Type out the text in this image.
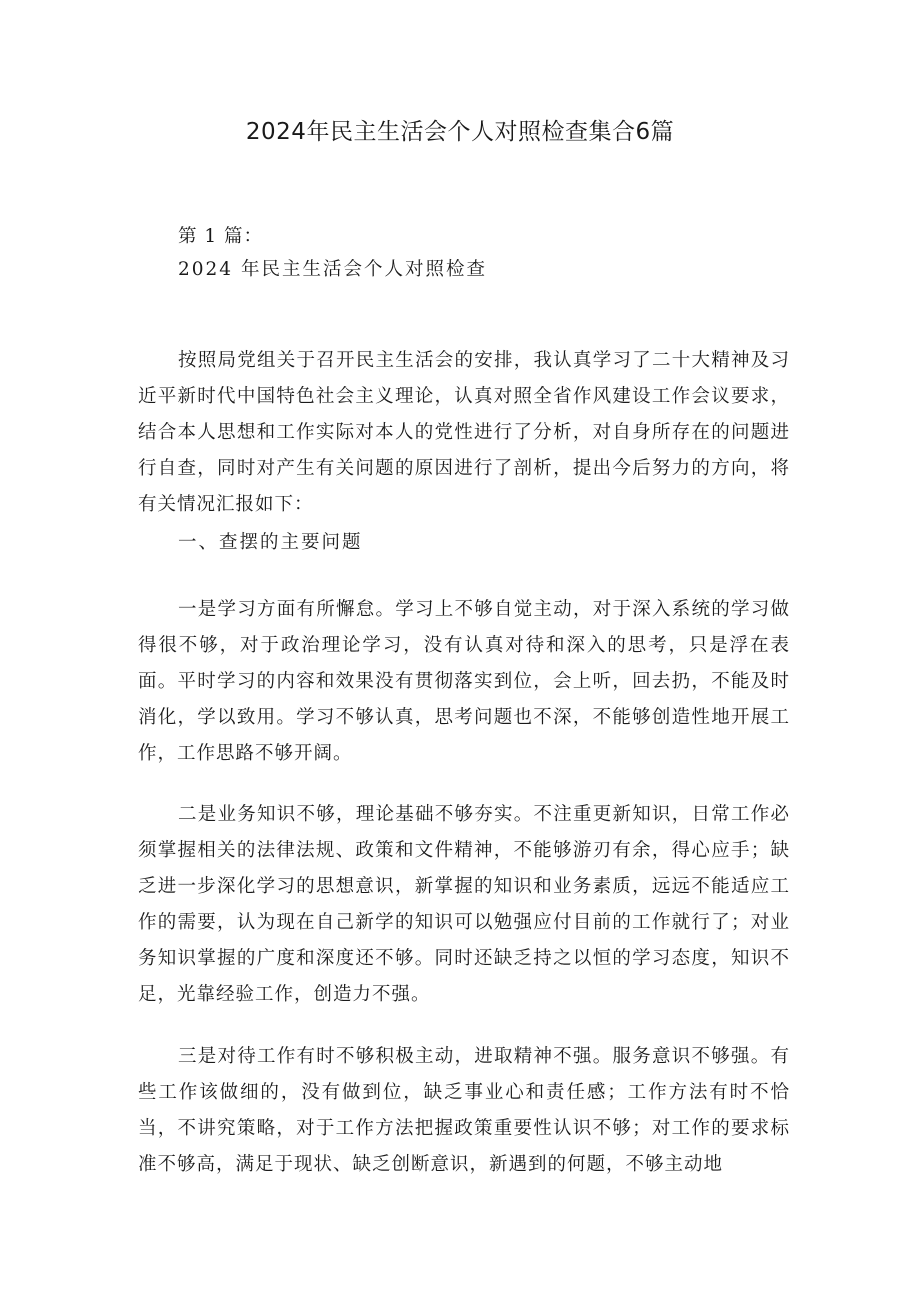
2024年民主生活会个人对照检查集合6篇

第 1 篇：

2024 年民主生活会个人对照检查

按照局党组关于召开民主生活会的安排，我认真学习了二十大精神及习近平新时代中国特色社会主义理论，认真对照全省作风建设工作会议要求，结合本人思想和工作实际对本人的党性进行了分析，对自身所存在的问题进行自查，同时对产生有关问题的原因进行了剖析，提出今后努力的方向，将有关情况汇报如下：

一、查摆的主要问题

一是学习方面有所懈怠。学习上不够自觉主动，对于深入系统的学习做得很不够，对于政治理论学习，没有认真对待和深入的思考，只是浮在表面。平时学习的内容和效果没有贯彻落实到位，会上听，回去扔，不能及时消化，学以致用。学习不够认真，思考问题也不深，不能够创造性地开展工作，工作思路不够开阔。

二是业务知识不够，理论基础不够夯实。不注重更新知识，日常工作必须掌握相关的法律法规、政策和文件精神，不能够游刃有余，得心应手；缺乏进一步深化学习的思想意识，新掌握的知识和业务素质，远远不能适应工作的需要，认为现在自己新学的知识可以勉强应付目前的工作就行了；对业务知识掌握的广度和深度还不够。同时还缺乏持之以恒的学习态度，知识不足，光靠经验工作，创造力不强。

三是对待工作有时不够积极主动，进取精神不强。服务意识不够强。有些工作该做细的，没有做到位，缺乏事业心和责任感；工作方法有时不恰当，不讲究策略，对于工作方法把握政策重要性认识不够；对工作的要求标准不够高，满足于现状、缺乏创断意识，新遇到的何题，不够主动地
